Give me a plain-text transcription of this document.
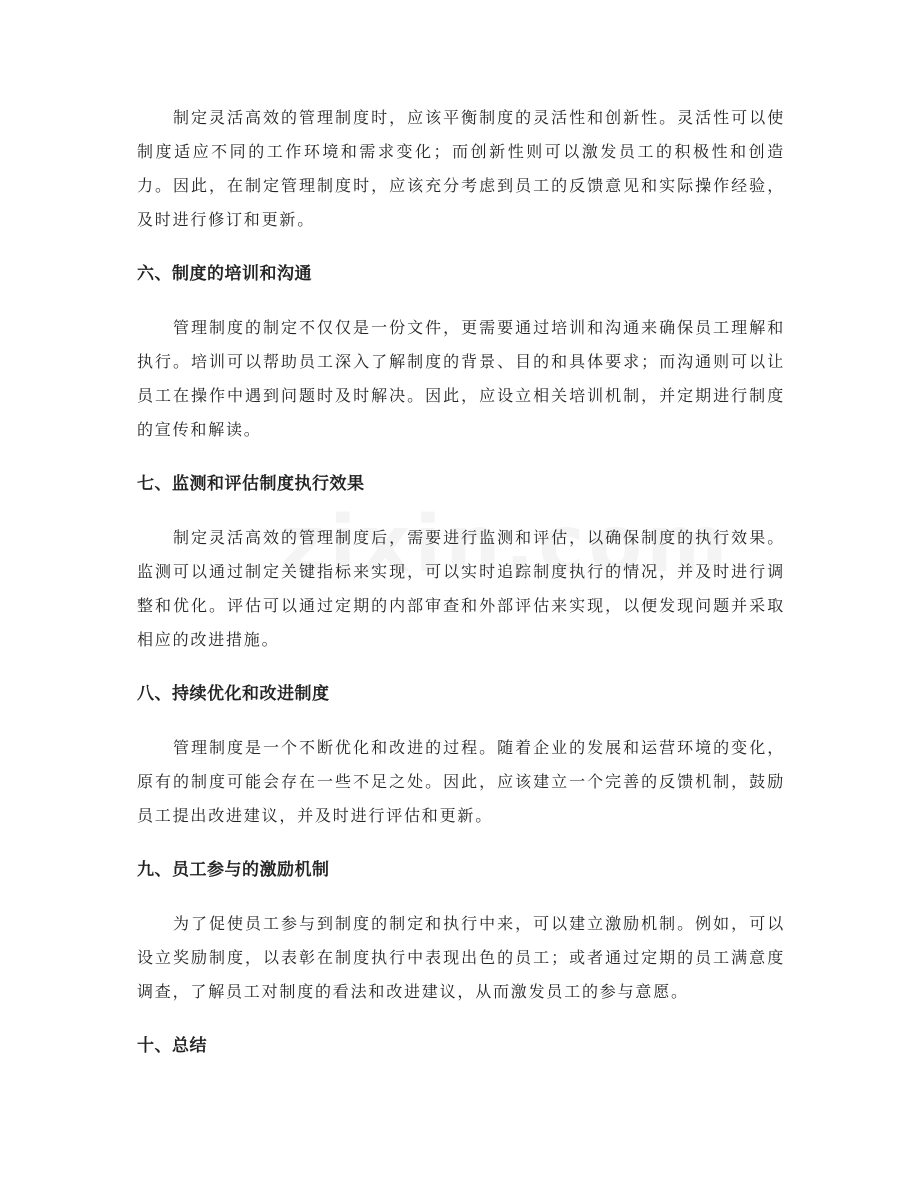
制定灵活高效的管理制度时，应该平衡制度的灵活性和创新性。灵活性可以使制度适应不同的工作环境和需求变化；而创新性则可以激发员工的积极性和创造力。因此，在制定管理制度时，应该充分考虑到员工的反馈意见和实际操作经验，及时进行修订和更新。

六、制度的培训和沟通

管理制度的制定不仅仅是一份文件，更需要通过培训和沟通来确保员工理解和执行。培训可以帮助员工深入了解制度的背景、目的和具体要求；而沟通则可以让员工在操作中遇到问题时及时解决。因此，应设立相关培训机制，并定期进行制度的宣传和解读。

七、监测和评估制度执行效果

制定灵活高效的管理制度后，需要进行监测和评估，以确保制度的执行效果。监测可以通过制定关键指标来实现，可以实时追踪制度执行的情况，并及时进行调整和优化。评估可以通过定期的内部审查和外部评估来实现，以便发现问题并采取相应的改进措施。

八、持续优化和改进制度

管理制度是一个不断优化和改进的过程。随着企业的发展和运营环境的变化，原有的制度可能会存在一些不足之处。因此，应该建立一个完善的反馈机制，鼓励员工提出改进建议，并及时进行评估和更新。

九、员工参与的激励机制

为了促使员工参与到制度的制定和执行中来，可以建立激励机制。例如，可以设立奖励制度，以表彰在制度执行中表现出色的员工；或者通过定期的员工满意度调查，了解员工对制度的看法和改进建议，从而激发员工的参与意愿。

十、总结
